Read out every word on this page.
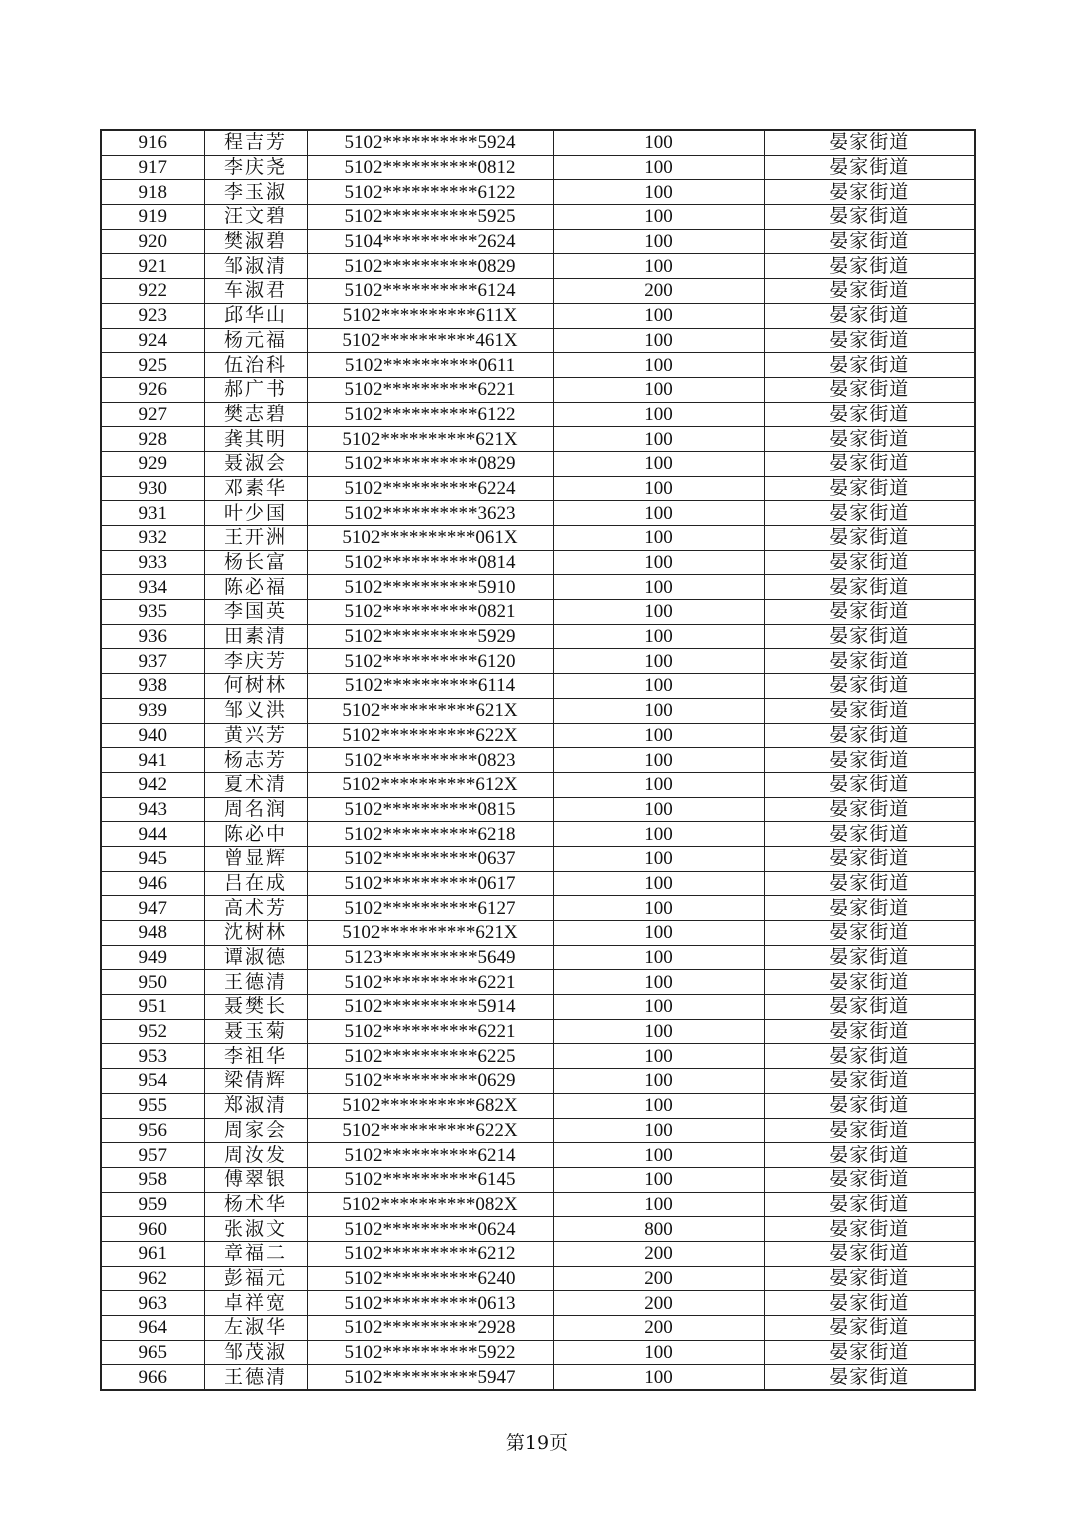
916	程吉芳	5102**********5924	100	晏家街道
917	李庆尧	5102**********0812	100	晏家街道
918	李玉淑	5102**********6122	100	晏家街道
919	汪文碧	5102**********5925	100	晏家街道
920	樊淑碧	5104**********2624	100	晏家街道
921	邹淑清	5102**********0829	100	晏家街道
922	车淑君	5102**********6124	200	晏家街道
923	邱华山	5102**********611X	100	晏家街道
924	杨元福	5102**********461X	100	晏家街道
925	伍治科	5102**********0611	100	晏家街道
926	郝广书	5102**********6221	100	晏家街道
927	樊志碧	5102**********6122	100	晏家街道
928	龚其明	5102**********621X	100	晏家街道
929	聂淑会	5102**********0829	100	晏家街道
930	邓素华	5102**********6224	100	晏家街道
931	叶少国	5102**********3623	100	晏家街道
932	王开洲	5102**********061X	100	晏家街道
933	杨长富	5102**********0814	100	晏家街道
934	陈必福	5102**********5910	100	晏家街道
935	李国英	5102**********0821	100	晏家街道
936	田素清	5102**********5929	100	晏家街道
937	李庆芳	5102**********6120	100	晏家街道
938	何树林	5102**********6114	100	晏家街道
939	邹义洪	5102**********621X	100	晏家街道
940	黄兴芳	5102**********622X	100	晏家街道
941	杨志芳	5102**********0823	100	晏家街道
942	夏术清	5102**********612X	100	晏家街道
943	周名润	5102**********0815	100	晏家街道
944	陈必中	5102**********6218	100	晏家街道
945	曾显辉	5102**********0637	100	晏家街道
946	吕在成	5102**********0617	100	晏家街道
947	高术芳	5102**********6127	100	晏家街道
948	沈树林	5102**********621X	100	晏家街道
949	谭淑德	5123**********5649	100	晏家街道
950	王德清	5102**********6221	100	晏家街道
951	聂樊长	5102**********5914	100	晏家街道
952	聂玉菊	5102**********6221	100	晏家街道
953	李祖华	5102**********6225	100	晏家街道
954	梁倩辉	5102**********0629	100	晏家街道
955	郑淑清	5102**********682X	100	晏家街道
956	周家会	5102**********622X	100	晏家街道
957	周汝发	5102**********6214	100	晏家街道
958	傅翠银	5102**********6145	100	晏家街道
959	杨术华	5102**********082X	100	晏家街道
960	张淑文	5102**********0624	800	晏家街道
961	章福二	5102**********6212	200	晏家街道
962	彭福元	5102**********6240	200	晏家街道
963	卓祥宽	5102**********0613	200	晏家街道
964	左淑华	5102**********2928	200	晏家街道
965	邹茂淑	5102**********5922	100	晏家街道
966	王德清	5102**********5947	100	晏家街道
第19页
